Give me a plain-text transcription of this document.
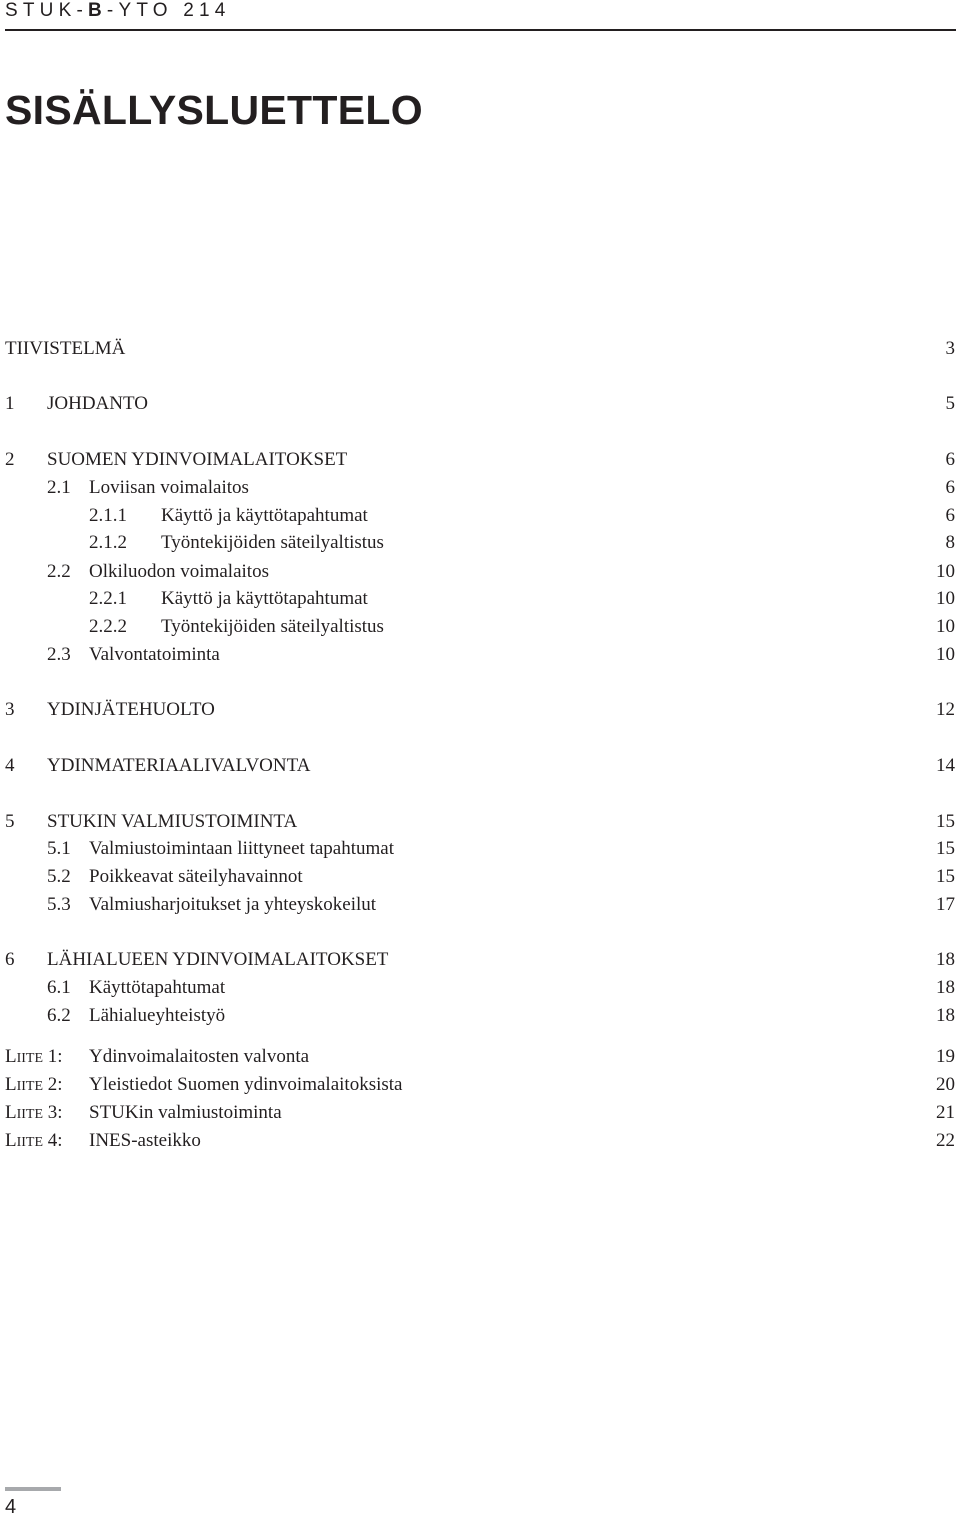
STUK-B-YTO 214
SISÄLLYSLUETTELO
TIIVISTELMÄ	3
1 JOHDANTO	5
2 SUOMEN YDINVOIMALAITOKSET	6
2.1 Loviisan voimalaitos	6
2.1.1 Käyttö ja käyttötapahtumat	6
2.1.2 Työntekijöiden säteilyaltistus	8
2.2 Olkiluodon voimalaitos	10
2.2.1 Käyttö ja käyttötapahtumat	10
2.2.2 Työntekijöiden säteilyaltistus	10
2.3 Valvontatoiminta	10
3 YDINJÄTEHUOLTO	12
4 YDINMATERIAALIVALVONTA	14
5 STUKIN VALMIUSTOIMINTA	15
5.1 Valmiustoimintaan liittyneet tapahtumat	15
5.2 Poikkeavat säteilyhavainnot	15
5.3 Valmiusharjoitukset ja yhteyskokeilut	17
6 LÄHIALUEEN YDINVOIMALAITOKSET	18
6.1 Käyttötapahtumat	18
6.2 Lähialueyhteistyö	18
LIITE 1: Ydinvoimalaitosten valvonta	19
LIITE 2: Yleistiedot Suomen ydinvoimalaitoksista	20
LIITE 3: STUKin valmiustoiminta	21
LIITE 4: INES-asteikko	22
4
